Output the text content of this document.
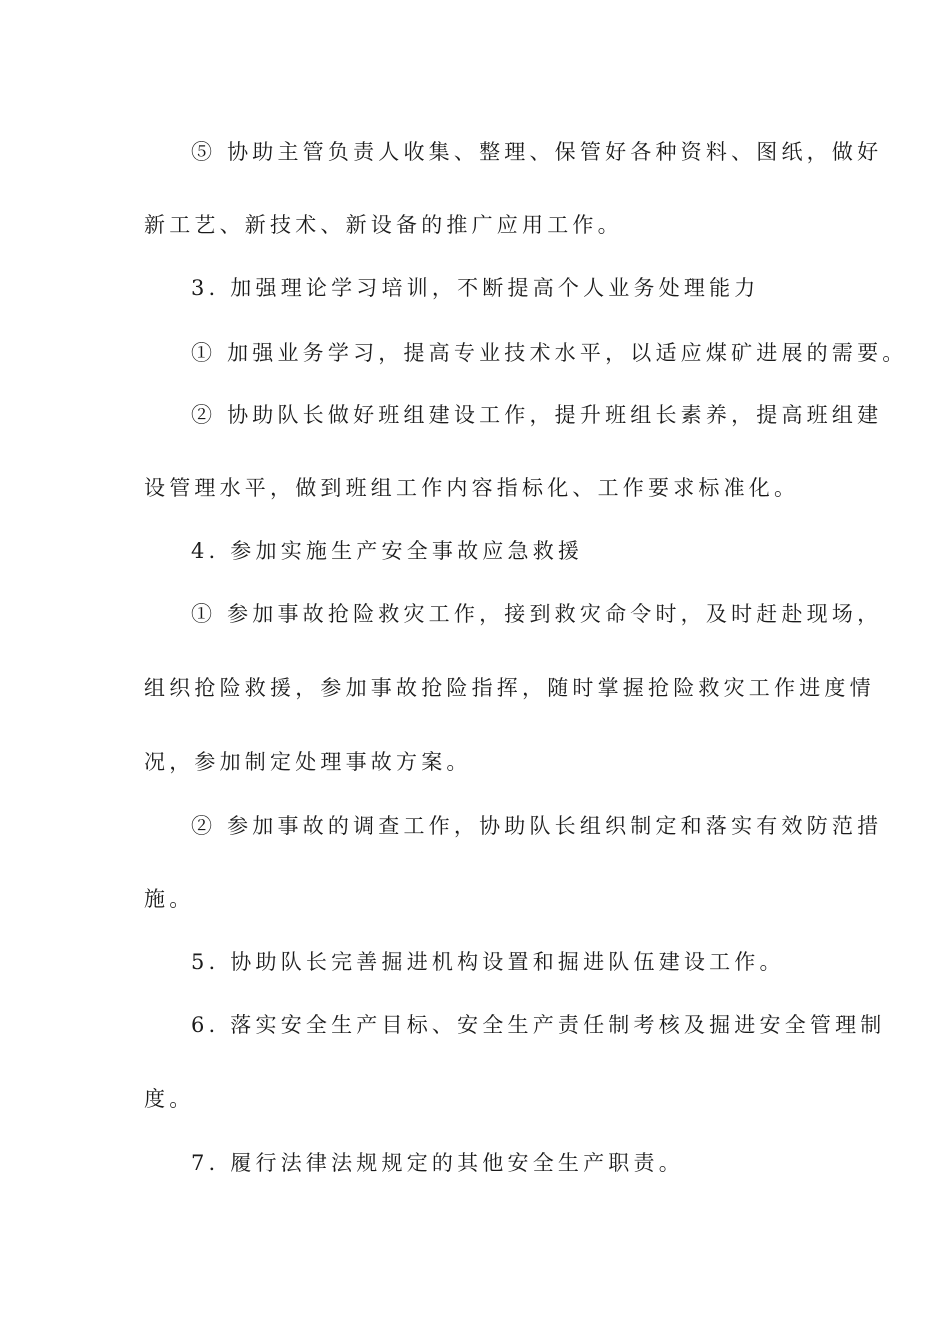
⑤ 协助主管负责人收集、整理、保管好各种资料、图纸，做好
新工艺、新技术、新设备的推广应用工作。
3. 加强理论学习培训，不断提高个人业务处理能力
① 加强业务学习，提高专业技术水平，以适应煤矿进展的需要。
② 协助队长做好班组建设工作，提升班组长素养，提高班组建
设管理水平，做到班组工作内容指标化、工作要求标准化。
4. 参加实施生产安全事故应急救援
① 参加事故抢险救灾工作，接到救灾命令时，及时赶赴现场，
组织抢险救援，参加事故抢险指挥，随时掌握抢险救灾工作进度情
况，参加制定处理事故方案。
② 参加事故的调查工作，协助队长组织制定和落实有效防范措
施。
5. 协助队长完善掘进机构设置和掘进队伍建设工作。
6. 落实安全生产目标、安全生产责任制考核及掘进安全管理制
度。
7. 履行法律法规规定的其他安全生产职责。
